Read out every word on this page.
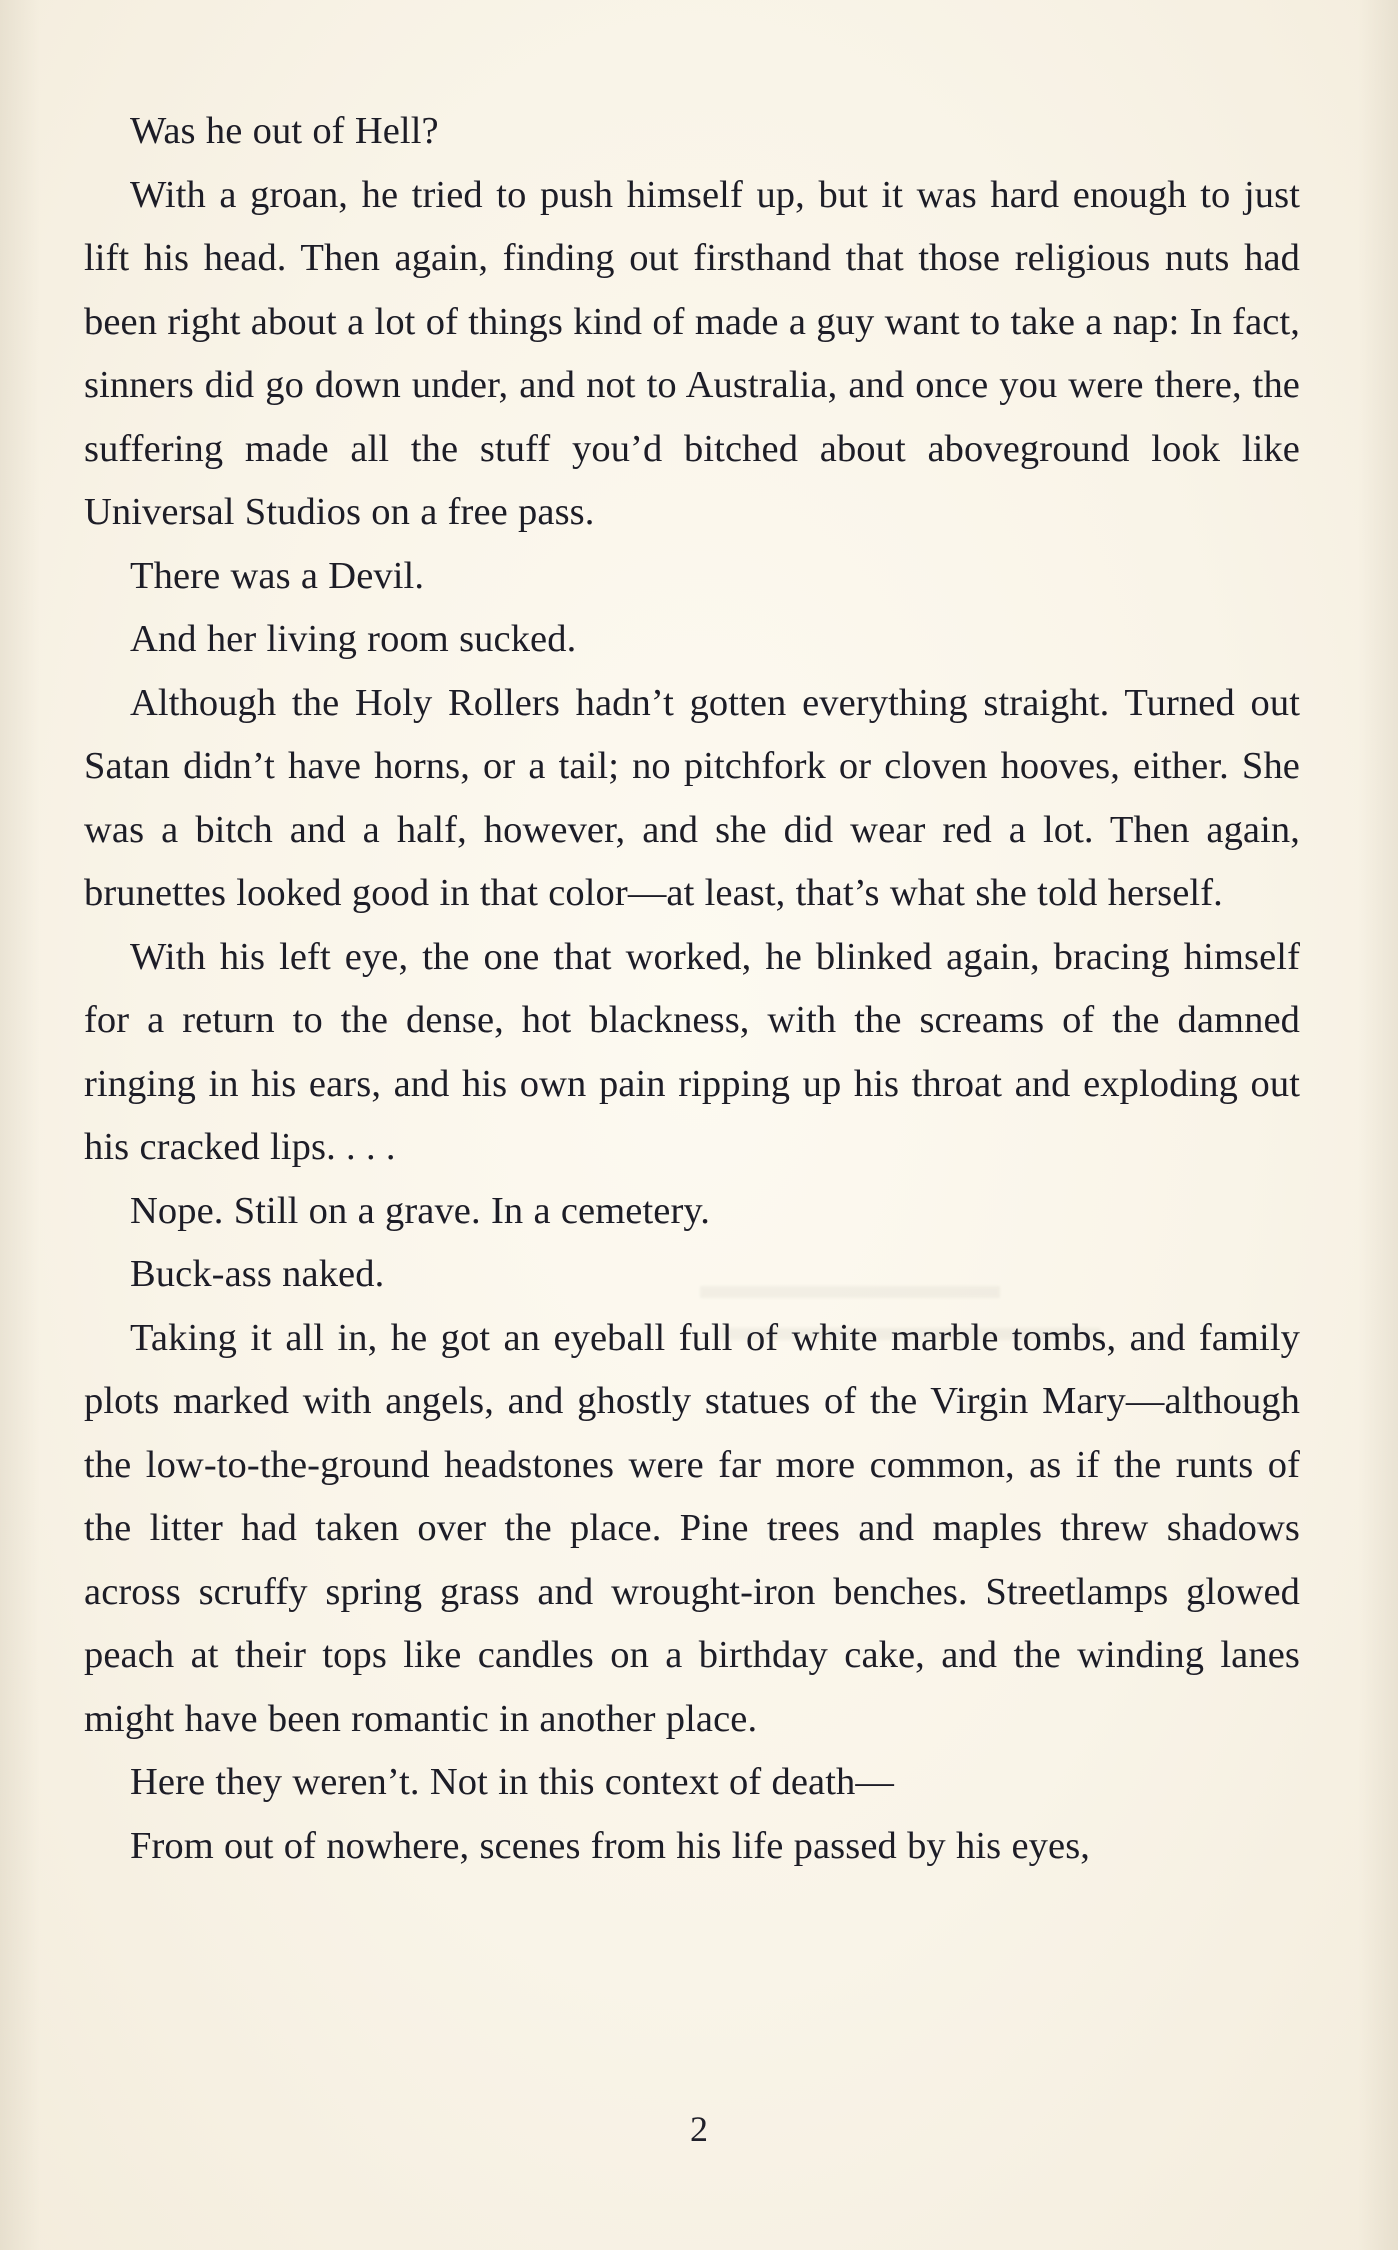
Was he out of Hell?

With a groan, he tried to push himself up, but it was hard enough to just lift his head. Then again, finding out firsthand that those religious nuts had been right about a lot of things kind of made a guy want to take a nap: In fact, sinners did go down under, and not to Australia, and once you were there, the suffering made all the stuff you’d bitched about aboveground look like Universal Studios on a free pass.

There was a Devil.

And her living room sucked.

Although the Holy Rollers hadn’t gotten everything straight. Turned out Satan didn’t have horns, or a tail; no pitchfork or cloven hooves, either. She was a bitch and a half, however, and she did wear red a lot. Then again, brunettes looked good in that color—at least, that’s what she told herself.

With his left eye, the one that worked, he blinked again, bracing himself for a return to the dense, hot blackness, with the screams of the damned ringing in his ears, and his own pain ripping up his throat and exploding out his cracked lips. . . .

Nope. Still on a grave. In a cemetery.

Buck-ass naked.

Taking it all in, he got an eyeball full of white marble tombs, and family plots marked with angels, and ghostly statues of the Virgin Mary—although the low-to-the-ground headstones were far more common, as if the runts of the litter had taken over the place. Pine trees and maples threw shadows across scruffy spring grass and wrought-iron benches. Streetlamps glowed peach at their tops like candles on a birthday cake, and the winding lanes might have been romantic in another place.

Here they weren’t. Not in this context of death—

From out of nowhere, scenes from his life passed by his eyes,

2
